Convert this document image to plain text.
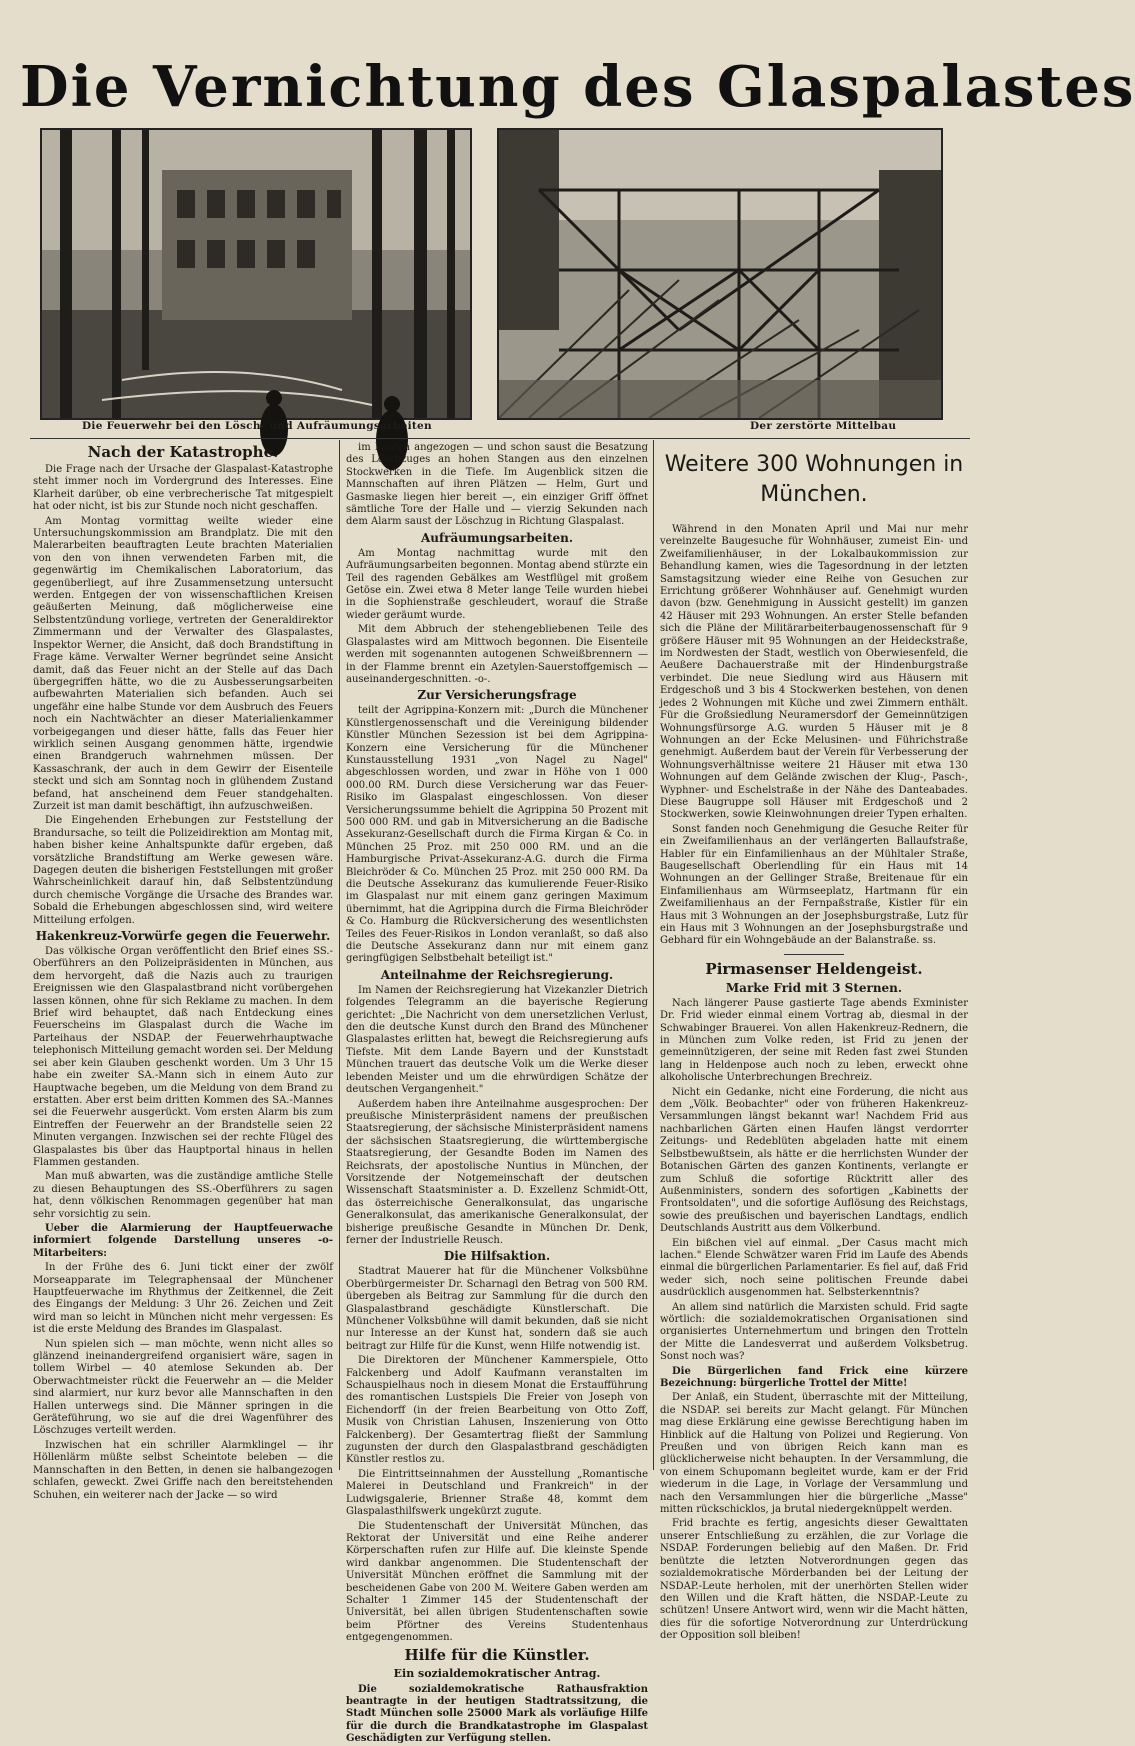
Die Vernichtung des Glaspalastes
Die Feuerwehr bei den Lösch- und Aufräumungsarbeiten	Der zerstörte Mittelbau
Nach der Katastrophe.

Die Frage nach der Ursache der Glaspalast-Katastrophe steht immer noch im Vordergrund des Interesses. Eine Klarheit darüber, ob eine verbrecherische Tat mitgespielt hat oder nicht, ist bis zur Stunde noch nicht geschaffen.

Am Montag vormittag weilte wieder eine Untersuchungskommission am Brandplatz. Die mit den Malerarbeiten beauftragten Leute brachten Materialien von den von ihnen verwendeten Farben mit, die gegenwärtig im Chemikalischen Laboratorium, das gegenüberliegt, auf ihre Zusammensetzung untersucht werden. Entgegen der von wissenschaftlichen Kreisen geäußerten Meinung, daß möglicherweise eine Selbstentzündung vorliege, vertreten der Generaldirektor Zimmermann und der Verwalter des Glaspalastes, Inspektor Werner, die Ansicht, daß doch Brandstiftung in Frage käme. Verwalter Werner begründet seine Ansicht damit, daß das Feuer nicht an der Stelle auf das Dach übergegriffen hätte, wo die zu Ausbesserungsarbeiten aufbewahrten Materialien sich befanden. Auch sei ungefähr eine halbe Stunde vor dem Ausbruch des Feuers noch ein Nachtwächter an dieser Materialienkammer vorbeigegangen und dieser hätte, falls das Feuer hier wirklich seinen Ausgang genommen hätte, irgendwie einen Brandgeruch wahrnehmen müssen. Der Kassaschrank, der auch in dem Gewirr der Eisenteile steckt und sich am Sonntag noch in glühendem Zustand befand, hat anscheinend dem Feuer standgehalten. Zurzeit ist man damit beschäftigt, ihn aufzuschweißen.

Die Eingehenden Erhebungen zur Feststellung der Brandursache, so teilt die Polizeidirektion am Montag mit, haben bisher keine Anhaltspunkte dafür ergeben, daß vorsätzliche Brandstiftung am Werke gewesen wäre. Dagegen deuten die bisherigen Feststellungen mit großer Wahrscheinlichkeit darauf hin, daß Selbstentzündung durch chemische Vorgänge die Ursache des Brandes war. Sobald die Erhebungen abgeschlossen sind, wird weitere Mitteilung erfolgen.

Hakenkreuz-Vorwürfe gegen die Feuerwehr.

Das völkische Organ veröffentlicht den Brief eines SS.-Oberführers an den Polizeipräsidenten in München, aus dem hervorgeht, daß die Nazis auch zu traurigen Ereignissen wie den Glaspalastbrand nicht vorübergehen lassen können, ohne für sich Reklame zu machen. In dem Brief wird behauptet, daß nach Entdeckung eines Feuerscheins im Glaspalast durch die Wache im Parteihaus der NSDAP. der Feuerwehrhauptwache telephonisch Mitteilung gemacht worden sei. Der Meldung sei aber kein Glauben geschenkt worden. Um 3 Uhr 15 habe ein zweiter SA.-Mann sich in einem Auto zur Hauptwache begeben, um die Meldung von dem Brand zu erstatten. Aber erst beim dritten Kommen des SA.-Mannes sei die Feuerwehr ausgerückt. Vom ersten Alarm bis zum Eintreffen der Feuerwehr an der Brandstelle seien 22 Minuten vergangen. Inzwischen sei der rechte Flügel des Glaspalastes bis über das Hauptportal hinaus in hellen Flammen gestanden.

Man muß abwarten, was die zuständige amtliche Stelle zu diesen Behauptungen des SS.-Oberführers zu sagen hat, denn völkischen Renommagen gegenüber hat man sehr vorsichtig zu sein.

Ueber die Alarmierung der Hauptfeuerwache informiert folgende Darstellung unseres -o-Mitarbeiters:

In der Frühe des 6. Juni tickt einer der zwölf Morseapparate im Telegraphensaal der Münchener Hauptfeuerwache im Rhythmus der Zeitkennel, die Zeit des Eingangs der Meldung: 3 Uhr 26. Zeichen und Zeit wird man so leicht in München nicht mehr vergessen: Es ist die erste Meldung des Brandes im Glaspalast.

Nun spielen sich — man möchte, wenn nicht alles so glänzend ineinandergreifend organisiert wäre, sagen in tollem Wirbel — 40 atemlose Sekunden ab. Der Oberwachtmeister rückt die Feuerwehr an — die Melder sind alarmiert, nur kurz bevor alle Mannschaften in den Hallen unterwegs sind. Die Männer springen in die Geräteführung, wo sie auf die drei Wagenführer des Löschzuges verteilt werden.

Inzwischen hat ein schriller Alarmklingel — ihr Höllenlärm müßte selbst Scheintote beleben — die Mannschaften in den Betten, in denen sie halbangezogen schlafen, geweckt. Zwei Griffe nach den bereitstehenden Schuhen, ein weiterer nach der Jacke — so wird

im Laufen angezogen — und schon saust die Besatzung des Löschzuges an hohen Stangen aus den einzelnen Stockwerken in die Tiefe. Im Augenblick sitzen die Mannschaften auf ihren Plätzen — Helm, Gurt und Gasmaske liegen hier bereit —, ein einziger Griff öffnet sämtliche Tore der Halle und — vierzig Sekunden nach dem Alarm saust der Löschzug in Richtung Glaspalast.

Aufräumungsarbeiten.

Am Montag nachmittag wurde mit den Aufräumungsarbeiten begonnen. Montag abend stürzte ein Teil des ragenden Gebälkes am Westflügel mit großem Getöse ein. Zwei etwa 8 Meter lange Teile wurden hiebei in die Sophienstraße geschleudert, worauf die Straße wieder geräumt wurde.

Mit dem Abbruch der stehengebliebenen Teile des Glaspalastes wird am Mittwoch begonnen. Die Eisenteile werden mit sogenannten autogenen Schweißbrennern — in der Flamme brennt ein Azetylen-Sauerstoffgemisch — auseinandergeschnitten. -o-.

Zur Versicherungsfrage

teilt der Agrippina-Konzern mit: „Durch die Münchener Künstlergenossenschaft und die Vereinigung bildender Künstler München Sezession ist bei dem Agrippina-Konzern eine Versicherung für die Münchener Kunstausstellung 1931 „von Nagel zu Nagel" abgeschlossen worden, und zwar in Höhe von 1 000 000.00 RM. Durch diese Versicherung war das Feuer-Risiko im Glaspalast eingeschlossen. Von dieser Versicherungssumme behielt die Agrippina 50 Prozent mit 500 000 RM. und gab in Mitversicherung an die Badische Assekuranz-Gesellschaft durch die Firma Kirgan & Co. in München 25 Proz. mit 250 000 RM. und an die Hamburgische Privat-Assekuranz-A.G. durch die Firma Bleichröder & Co. München 25 Proz. mit 250 000 RM. Da die Deutsche Assekuranz das kumulierende Feuer-Risiko im Glaspalast nur mit einem ganz geringen Maximum übernimmt, hat die Agrippina durch die Firma Bleichröder & Co. Hamburg die Rückversicherung des wesentlichsten Teiles des Feuer-Risikos in London veranlaßt, so daß also die Deutsche Assekuranz dann nur mit einem ganz geringfügigen Selbstbehalt beteiligt ist."

Anteilnahme der Reichsregierung.

Im Namen der Reichsregierung hat Vizekanzler Dietrich folgendes Telegramm an die bayerische Regierung gerichtet: „Die Nachricht von dem unersetzlichen Verlust, den die deutsche Kunst durch den Brand des Münchener Glaspalastes erlitten hat, bewegt die Reichsregierung aufs Tiefste. Mit dem Lande Bayern und der Kunststadt München trauert das deutsche Volk um die Werke dieser lebenden Meister und um die ehrwürdigen Schätze der deutschen Vergangenheit."

Außerdem haben ihre Anteilnahme ausgesprochen: Der preußische Ministerpräsident namens der preußischen Staatsregierung, der sächsische Ministerpräsident namens der sächsischen Staatsregierung, die württembergische Staatsregierung, der Gesandte Boden im Namen des Reichsrats, der apostolische Nuntius in München, der Vorsitzende der Notgemeinschaft der deutschen Wissenschaft Staatsminister a. D. Exzellenz Schmidt-Ott, das österreichische Generalkonsulat, das ungarische Generalkonsulat, das amerikanische Generalkonsulat, der bisherige preußische Gesandte in München Dr. Denk, ferner der Industrielle Reusch.

Die Hilfsaktion.

Stadtrat Mauerer hat für die Münchener Volksbühne Oberbürgermeister Dr. Scharnagl den Betrag von 500 RM. übergeben als Beitrag zur Sammlung für die durch den Glaspalastbrand geschädigte Künstlerschaft. Die Münchener Volksbühne will damit bekunden, daß sie nicht nur Interesse an der Kunst hat, sondern daß sie auch beitragt zur Hilfe für die Kunst, wenn Hilfe notwendig ist.

Die Direktoren der Münchener Kammerspiele, Otto Falckenberg und Adolf Kaufmann veranstalten im Schauspielhaus noch in diesem Monat die Erstaufführung des romantischen Lustspiels Die Freier von Joseph von Eichendorff (in der freien Bearbeitung von Otto Zoff, Musik von Christian Lahusen, Inszenierung von Otto Falckenberg). Der Gesamtertrag fließt der Sammlung zugunsten der durch den Glaspalastbrand geschädigten Künstler restlos zu.

Die Eintrittseinnahmen der Ausstellung „Romantische Malerei in Deutschland und Frankreich" in der Ludwigsgalerie, Brienner Straße 48, kommt dem Glaspalasthilfswerk ungekürzt zugute.

Die Studentenschaft der Universität München, das Rektorat der Universität und eine Reihe anderer Körperschaften rufen zur Hilfe auf. Die kleinste Spende wird dankbar angenommen. Die Studentenschaft der Universität München eröffnet die Sammlung mit der bescheidenen Gabe von 200 M. Weitere Gaben werden am Schalter 1 Zimmer 145 der Studentenschaft der Universität, bei allen übrigen Studentenschaften sowie beim Pförtner des Vereins Studentenhaus entgegengenommen.

Hilfe für die Künstler.
Ein sozialdemokratischer Antrag.

Die sozialdemokratische Rathausfraktion beantragte in der heutigen Stadtratssitzung, die Stadt München solle 25000 Mark als vorläufige Hilfe für die durch die Brandkatastrophe im Glaspalast Geschädigten zur Verfügung stellen.

Weitere 300 Wohnungen in München.

Während in den Monaten April und Mai nur mehr vereinzelte Baugesuche für Wohnhäuser, zumeist Ein- und Zweifamilienhäuser, in der Lokalbaukommission zur Behandlung kamen, wies die Tagesordnung in der letzten Samstagsitzung wieder eine Reihe von Gesuchen zur Errichtung größerer Wohnhäuser auf. Genehmigt wurden davon (bzw. Genehmigung in Aussicht gestellt) im ganzen 42 Häuser mit 293 Wohnungen. An erster Stelle befanden sich die Pläne der Militärarbeiterbaugenossenschaft für 9 größere Häuser mit 95 Wohnungen an der Heideckstraße, im Nordwesten der Stadt, westlich von Oberwiesenfeld, die Aeußere Dachauerstraße mit der Hindenburgstraße verbindet. Die neue Siedlung wird aus Häusern mit Erdgeschoß und 3 bis 4 Stockwerken bestehen, von denen jedes 2 Wohnungen mit Küche und zwei Zimmern enthält. Für die Großsiedlung Neuramersdorf der Gemeinnützigen Wohnungsfürsorge A.G. wurden 5 Häuser mit je 8 Wohnungen an der Ecke Melusinen- und Führichstraße genehmigt. Außerdem baut der Verein für Verbesserung der Wohnungsverhältnisse weitere 21 Häuser mit etwa 130 Wohnungen auf dem Gelände zwischen der Klug-, Pasch-, Wyphner- und Eschelstraße in der Nähe des Danteabades. Diese Baugruppe soll Häuser mit Erdgeschoß und 2 Stockwerken, sowie Kleinwohnungen dreier Typen erhalten.

Sonst fanden noch Genehmigung die Gesuche Reiter für ein Zweifamilienhaus an der verlängerten Ballaufstraße, Habler für ein Einfamilienhaus an der Mühltaler Straße, Baugesellschaft Oberlendling für ein Haus mit 14 Wohnungen an der Gellinger Straße, Breitenaue für ein Einfamilienhaus am Würmseeplatz, Hartmann für ein Zweifamilienhaus an der Fernpaßstraße, Kistler für ein Haus mit 3 Wohnungen an der Josephsburgstraße, Lutz für ein Haus mit 3 Wohnungen an der Josephsburgstraße und Gebhard für ein Wohngebäude an der Balanstraße. ss.

Pirmasenser Heldengeist.
Marke Frid mit 3 Sternen.

Nach längerer Pause gastierte Tage abends Exminister Dr. Frid wieder einmal einem Vortrag ab, diesmal in der Schwabinger Brauerei. Von allen Hakenkreuz-Rednern, die in München zum Volke reden, ist Frid zu jenen der gemeinnützigeren, der seine mit Reden fast zwei Stunden lang in Heldenpose auch noch zu leben, erweckt ohne alkoholische Unterbrechungen Brechreiz.

Nicht ein Gedanke, nicht eine Forderung, die nicht aus dem „Völk. Beobachter" oder von früheren Hakenkreuz-Versammlungen längst bekannt war! Nachdem Frid aus nachbarlichen Gärten einen Haufen längst verdorrter Zeitungs- und Redeblüten abgeladen hatte mit einem Selbstbewußtsein, als hätte er die herrlichsten Wunder der Botanischen Gärten des ganzen Kontinents, verlangte er zum Schluß die sofortige Rücktritt aller des Außenministers, sondern des sofortigen „Kabinetts der Frontsoldaten", und die sofortige Auflösung des Reichstags, sowie des preußischen und bayerischen Landtags, endlich Deutschlands Austritt aus dem Völkerbund.

Ein bißchen viel auf einmal. „Der Casus macht mich lachen." Elende Schwätzer waren Frid im Laufe des Abends einmal die bürgerlichen Parlamentarier. Es fiel auf, daß Frid weder sich, noch seine politischen Freunde dabei ausdrücklich ausgenommen hat. Selbsterkenntnis?

An allem sind natürlich die Marxisten schuld. Frid sagte wörtlich: die sozialdemokratischen Organisationen sind organisiertes Unternehmertum und bringen den Trotteln der Mitte die Landesverrat und außerdem Volksbetrug. Sonst noch was?

Die Bürgerlichen fand Frick eine kürzere Bezeichnung: bürgerliche Trottel der Mitte!

Der Anlaß, ein Student, überraschte mit der Mitteilung, die NSDAP. sei bereits zur Macht gelangt. Für München mag diese Erklärung eine gewisse Berechtigung haben im Hinblick auf die Haltung von Polizei und Regierung. Von Preußen und von übrigen Reich kann man es glücklicherweise nicht behaupten. In der Versammlung, die von einem Schupomann begleitet wurde, kam er der Frid wiederum in die Lage, in Vorlage der Versammlung und nach den Versammlungen hier die bürgerliche „Masse" mitten rückschicklos, ja brutal niedergeknüppelt werden.

Frid brachte es fertig, angesichts dieser Gewalttaten unserer Entschließung zu erzählen, die zur Vorlage die NSDAP. Forderungen beliebig auf den Maßen. Dr. Frid benützte die letzten Notverordnungen gegen das sozialdemokratische Mörderbanden bei der Leitung der NSDAP.-Leute herholen, mit der unerhörten Stellen wider den Willen und die Kraft hätten, die NSDAP.-Leute zu schützen! Unsere Antwort wird, wenn wir die Macht hätten, dies für die sofortige Notverordnung zur Unterdrückung der Opposition soll bleiben!
